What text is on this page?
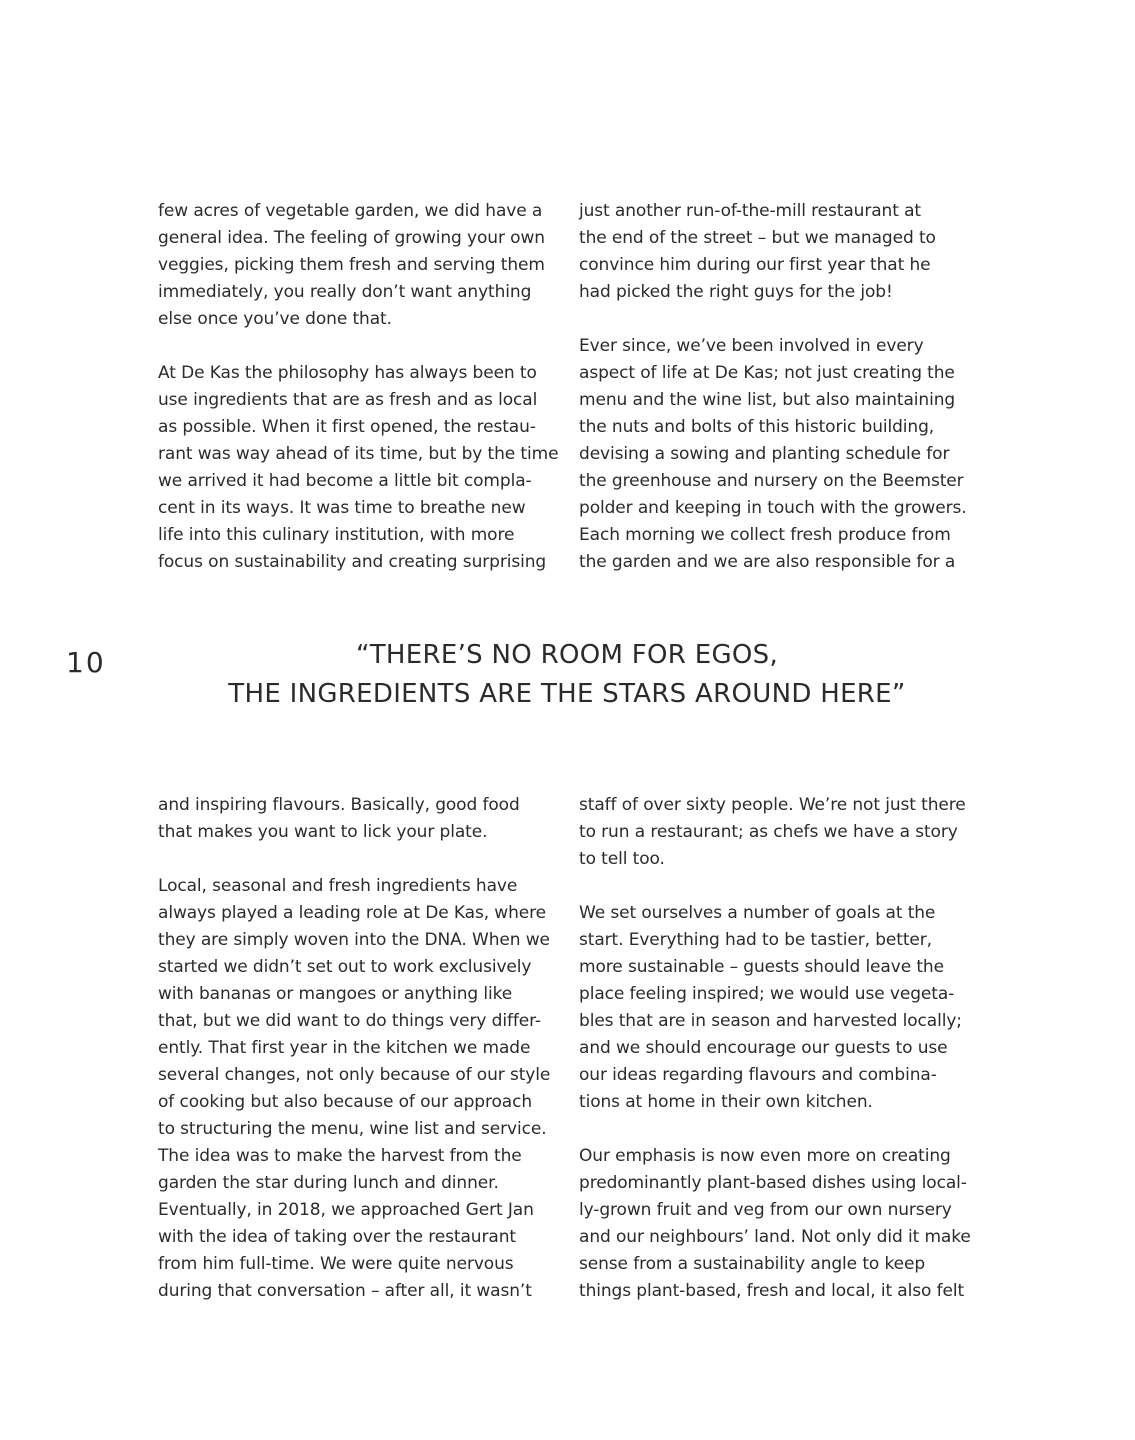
few acres of vegetable garden, we did have a
general idea. The feeling of growing your own
veggies, picking them fresh and serving them
immediately, you really don’t want anything
else once you’ve done that.
At De Kas the philosophy has always been to
use ingredients that are as fresh and as local
as possible. When it first opened, the restau-
rant was way ahead of its time, but by the time
we arrived it had become a little bit compla-
cent in its ways. It was time to breathe new
life into this culinary institution, with more
focus on sustainability and creating surprising
just another run-of-the-mill restaurant at
the end of the street – but we managed to
convince him during our first year that he
had picked the right guys for the job!
Ever since, we’ve been involved in every
aspect of life at De Kas; not just creating the
menu and the wine list, but also maintaining
the nuts and bolts of this historic building,
devising a sowing and planting schedule for
the greenhouse and nursery on the Beemster
polder and keeping in touch with the growers.
Each morning we collect fresh produce from
the garden and we are also responsible for a
10	“THERE’S NO ROOM FOR EGOS,
THE INGREDIENTS ARE THE STARS AROUND HERE”
and inspiring flavours. Basically, good food
that makes you want to lick your plate.
Local, seasonal and fresh ingredients have
always played a leading role at De Kas, where
they are simply woven into the DNA. When we
started we didn’t set out to work exclusively
with bananas or mangoes or anything like
that, but we did want to do things very differ-
ently. That first year in the kitchen we made
several changes, not only because of our style
of cooking but also because of our approach
to structuring the menu, wine list and service.
The idea was to make the harvest from the
garden the star during lunch and dinner.
Eventually, in 2018, we approached Gert Jan
with the idea of taking over the restaurant
from him full-time. We were quite nervous
during that conversation – after all, it wasn’t
staff of over sixty people. We’re not just there
to run a restaurant; as chefs we have a story
to tell too.
We set ourselves a number of goals at the
start. Everything had to be tastier, better,
more sustainable – guests should leave the
place feeling inspired; we would use vegeta-
bles that are in season and harvested locally;
and we should encourage our guests to use
our ideas regarding flavours and combina-
tions at home in their own kitchen.
Our emphasis is now even more on creating
predominantly plant-based dishes using local-
ly-grown fruit and veg from our own nursery
and our neighbours’ land. Not only did it make
sense from a sustainability angle to keep
things plant-based, fresh and local, it also felt
